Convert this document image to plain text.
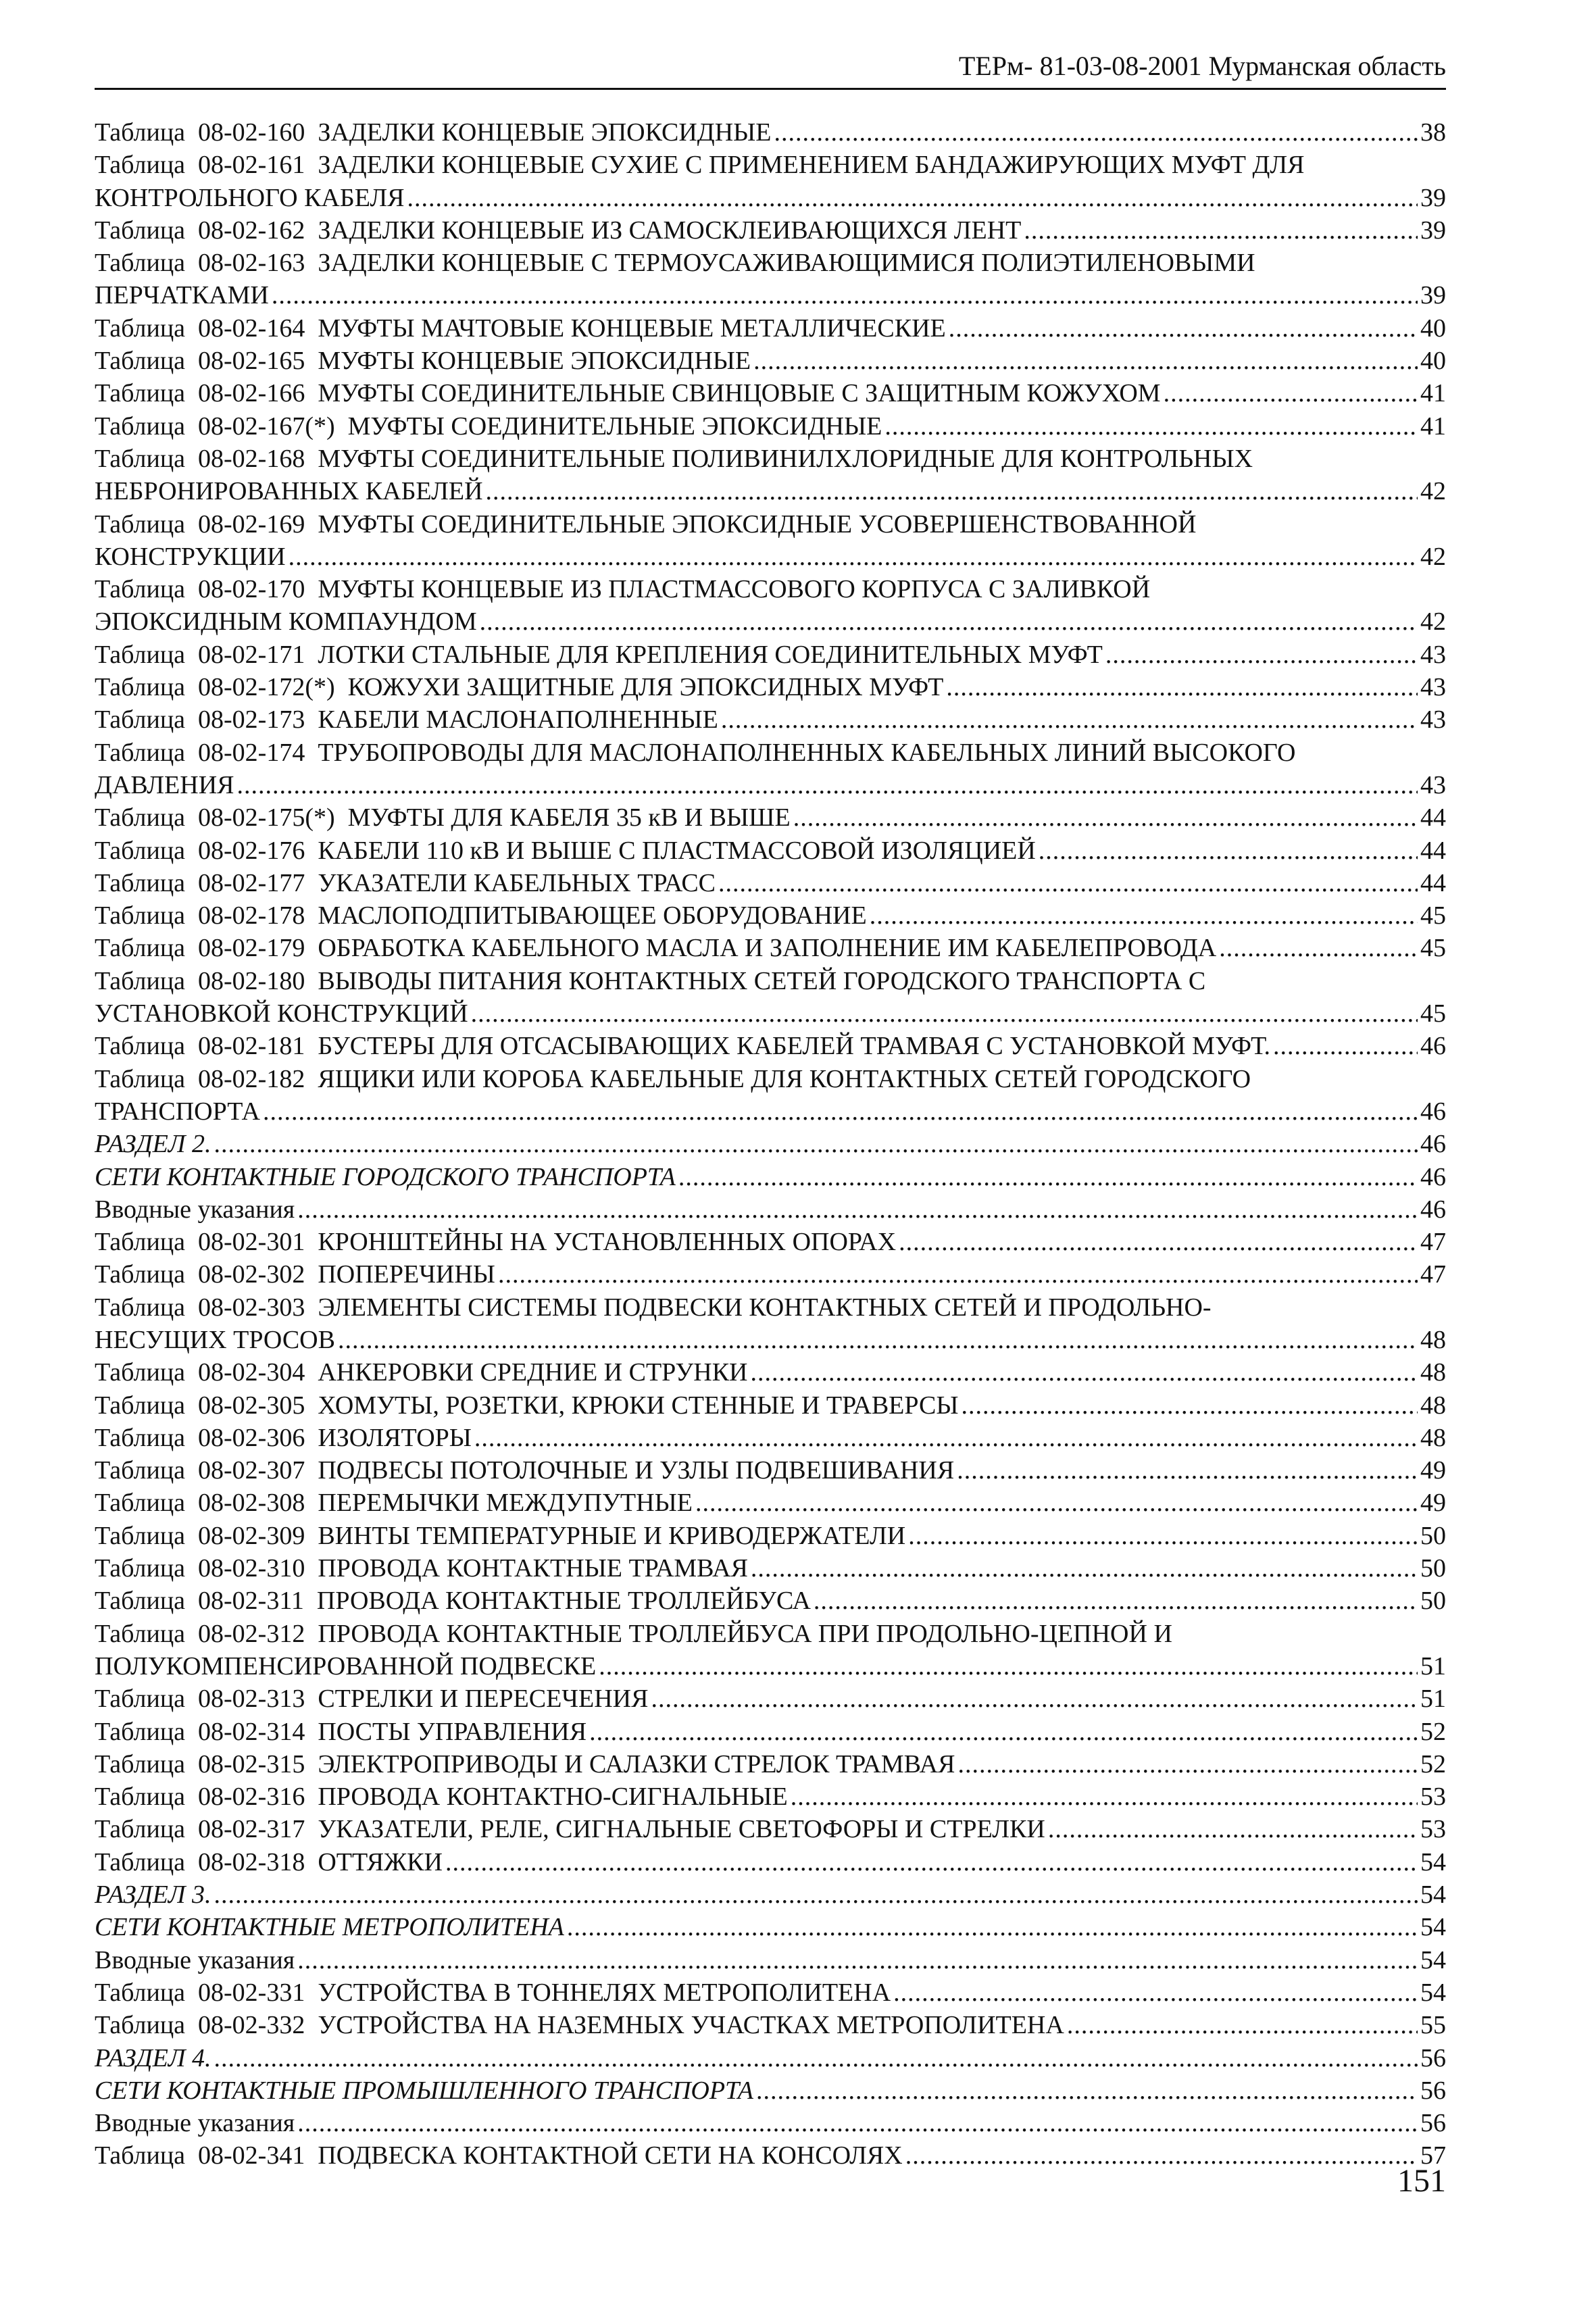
ТЕРм- 81-03-08-2001 Мурманская область
Таблица  08-02-160  ЗАДЕЛКИ КОНЦЕВЫЕ ЭПОКСИДНЫЕ .....	38
Таблица  08-02-161  ЗАДЕЛКИ КОНЦЕВЫЕ СУХИЕ С ПРИМЕНЕНИЕМ БАНДАЖИРУЮЩИХ МУФТ ДЛЯ
КОНТРОЛЬНОГО КАБЕЛЯ .....	39
Таблица  08-02-162  ЗАДЕЛКИ КОНЦЕВЫЕ ИЗ САМОСКЛЕИВАЮЩИХСЯ ЛЕНТ .....	39
Таблица  08-02-163  ЗАДЕЛКИ КОНЦЕВЫЕ С ТЕРМОУСАЖИВАЮЩИМИСЯ ПОЛИЭТИЛЕНОВЫМИ
ПЕРЧАТКАМИ .....	39
Таблица  08-02-164  МУФТЫ МАЧТОВЫЕ КОНЦЕВЫЕ МЕТАЛЛИЧЕСКИЕ .....	40
Таблица  08-02-165  МУФТЫ КОНЦЕВЫЕ ЭПОКСИДНЫЕ .....	40
Таблица  08-02-166  МУФТЫ СОЕДИНИТЕЛЬНЫЕ СВИНЦОВЫЕ С ЗАЩИТНЫМ КОЖУХОМ .....	41
Таблица  08-02-167(*)  МУФТЫ СОЕДИНИТЕЛЬНЫЕ ЭПОКСИДНЫЕ .....	41
Таблица  08-02-168  МУФТЫ СОЕДИНИТЕЛЬНЫЕ ПОЛИВИНИЛХЛОРИДНЫЕ ДЛЯ КОНТРОЛЬНЫХ
НЕБРОНИРОВАННЫХ КАБЕЛЕЙ .....	42
Таблица  08-02-169  МУФТЫ СОЕДИНИТЕЛЬНЫЕ ЭПОКСИДНЫЕ УСОВЕРШЕНСТВОВАННОЙ
КОНСТРУКЦИИ .....	42
Таблица  08-02-170  МУФТЫ КОНЦЕВЫЕ ИЗ ПЛАСТМАССОВОГО КОРПУСА С ЗАЛИВКОЙ
ЭПОКСИДНЫМ КОМПАУНДОМ .....	42
Таблица  08-02-171  ЛОТКИ СТАЛЬНЫЕ ДЛЯ КРЕПЛЕНИЯ СОЕДИНИТЕЛЬНЫХ МУФТ .....	43
Таблица  08-02-172(*)  КОЖУХИ ЗАЩИТНЫЕ ДЛЯ ЭПОКСИДНЫХ МУФТ .....	43
Таблица  08-02-173  КАБЕЛИ МАСЛОНАПОЛНЕННЫЕ .....	43
Таблица  08-02-174  ТРУБОПРОВОДЫ ДЛЯ МАСЛОНАПОЛНЕННЫХ КАБЕЛЬНЫХ ЛИНИЙ ВЫСОКОГО
ДАВЛЕНИЯ .....	43
Таблица  08-02-175(*)  МУФТЫ ДЛЯ КАБЕЛЯ 35 кВ И ВЫШЕ .....	44
Таблица  08-02-176  КАБЕЛИ 110 кВ И ВЫШЕ С ПЛАСТМАССОВОЙ ИЗОЛЯЦИЕЙ .....	44
Таблица  08-02-177  УКАЗАТЕЛИ КАБЕЛЬНЫХ ТРАСС .....	44
Таблица  08-02-178  МАСЛОПОДПИТЫВАЮЩЕЕ ОБОРУДОВАНИЕ .....	45
Таблица  08-02-179  ОБРАБОТКА КАБЕЛЬНОГО МАСЛА И ЗАПОЛНЕНИЕ ИМ КАБЕЛЕПРОВОДА .....	45
Таблица  08-02-180  ВЫВОДЫ ПИТАНИЯ КОНТАКТНЫХ СЕТЕЙ ГОРОДСКОГО ТРАНСПОРТА С
УСТАНОВКОЙ КОНСТРУКЦИЙ .....	45
Таблица  08-02-181  БУСТЕРЫ ДЛЯ ОТСАСЫВАЮЩИХ КАБЕЛЕЙ ТРАМВАЯ С УСТАНОВКОЙ МУФТ. .....	46
Таблица  08-02-182  ЯЩИКИ ИЛИ КОРОБА КАБЕЛЬНЫЕ ДЛЯ КОНТАКТНЫХ СЕТЕЙ ГОРОДСКОГО
ТРАНСПОРТА .....	46
РАЗДЕЛ 2. .....	46
СЕТИ КОНТАКТНЫЕ ГОРОДСКОГО ТРАНСПОРТА .....	46
Вводные указания .....	46
Таблица  08-02-301  КРОНШТЕЙНЫ НА УСТАНОВЛЕННЫХ ОПОРАХ .....	47
Таблица  08-02-302  ПОПЕРЕЧИНЫ .....	47
Таблица  08-02-303  ЭЛЕМЕНТЫ СИСТЕМЫ ПОДВЕСКИ КОНТАКТНЫХ СЕТЕЙ И ПРОДОЛЬНО-
НЕСУЩИХ ТРОСОВ .....	48
Таблица  08-02-304  АНКЕРОВКИ СРЕДНИЕ И СТРУНКИ .....	48
Таблица  08-02-305  ХОМУТЫ, РОЗЕТКИ, КРЮКИ СТЕННЫЕ И ТРАВЕРСЫ .....	48
Таблица  08-02-306  ИЗОЛЯТОРЫ .....	48
Таблица  08-02-307  ПОДВЕСЫ ПОТОЛОЧНЫЕ И УЗЛЫ ПОДВЕШИВАНИЯ .....	49
Таблица  08-02-308  ПЕРЕМЫЧКИ МЕЖДУПУТНЫЕ .....	49
Таблица  08-02-309  ВИНТЫ ТЕМПЕРАТУРНЫЕ И КРИВОДЕРЖАТЕЛИ .....	50
Таблица  08-02-310  ПРОВОДА КОНТАКТНЫЕ ТРАМВАЯ .....	50
Таблица  08-02-311  ПРОВОДА КОНТАКТНЫЕ ТРОЛЛЕЙБУСА .....	50
Таблица  08-02-312  ПРОВОДА КОНТАКТНЫЕ ТРОЛЛЕЙБУСА ПРИ ПРОДОЛЬНО-ЦЕПНОЙ И
ПОЛУКОМПЕНСИРОВАННОЙ ПОДВЕСКЕ .....	51
Таблица  08-02-313  СТРЕЛКИ И ПЕРЕСЕЧЕНИЯ .....	51
Таблица  08-02-314  ПОСТЫ УПРАВЛЕНИЯ .....	52
Таблица  08-02-315  ЭЛЕКТРОПРИВОДЫ И САЛАЗКИ СТРЕЛОК ТРАМВАЯ .....	52
Таблица  08-02-316  ПРОВОДА КОНТАКТНО-СИГНАЛЬНЫЕ .....	53
Таблица  08-02-317  УКАЗАТЕЛИ, РЕЛЕ, СИГНАЛЬНЫЕ СВЕТОФОРЫ И СТРЕЛКИ .....	53
Таблица  08-02-318  ОТТЯЖКИ .....	54
РАЗДЕЛ 3. .....	54
СЕТИ КОНТАКТНЫЕ МЕТРОПОЛИТЕНА .....	54
Вводные указания .....	54
Таблица  08-02-331  УСТРОЙСТВА В ТОННЕЛЯХ МЕТРОПОЛИТЕНА .....	54
Таблица  08-02-332  УСТРОЙСТВА НА НАЗЕМНЫХ УЧАСТКАХ МЕТРОПОЛИТЕНА .....	55
РАЗДЕЛ 4. .....	56
СЕТИ КОНТАКТНЫЕ ПРОМЫШЛЕННОГО ТРАНСПОРТА .....	56
Вводные указания .....	56
Таблица  08-02-341  ПОДВЕСКА КОНТАКТНОЙ СЕТИ НА КОНСОЛЯХ .....	57
151
